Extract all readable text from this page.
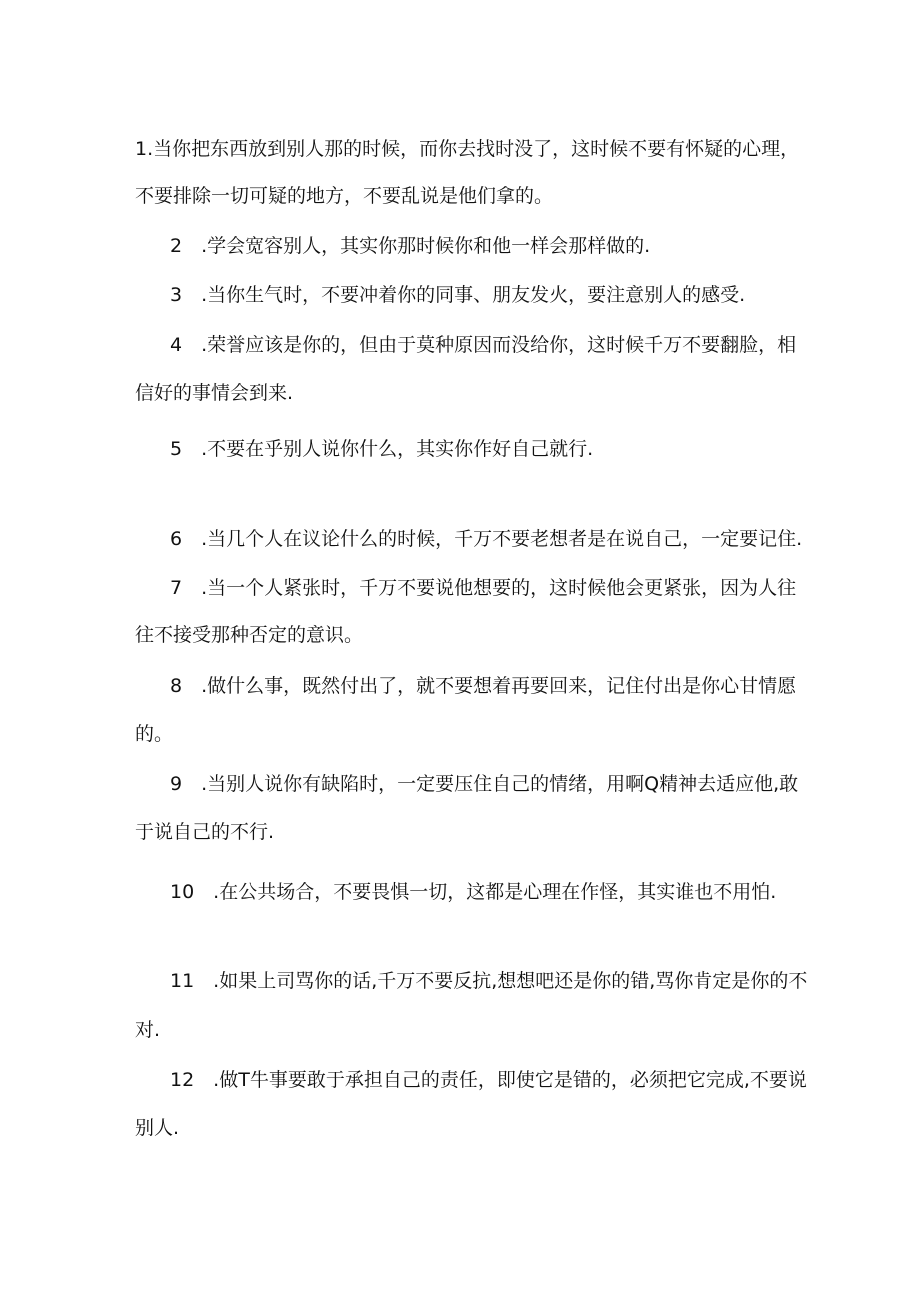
1.当你把东西放到别人那的时候，而你去找时没了，这时候不要有怀疑的心理，
不要排除一切可疑的地方，不要乱说是他们拿的。
2　.学会宽容别人，其实你那时候你和他一样会那样做的.
3　.当你生气时，不要冲着你的同事、朋友发火，要注意别人的感受.
4　.荣誉应该是你的，但由于莫种原因而没给你，这时候千万不要翻脸，相
信好的事情会到来.
5　.不要在乎别人说你什么，其实你作好自己就行.
6　.当几个人在议论什么的时候，千万不要老想者是在说自己，一定要记住.
7　.当一个人紧张时，千万不要说他想要的，这时候他会更紧张，因为人往
往不接受那种否定的意识。
8　.做什么事，既然付出了，就不要想着再要回来，记住付出是你心甘情愿
的。
9　.当别人说你有缺陷时，一定要压住自己的情绪，用啊Q精神去适应他,敢
于说自己的不行.
10　.在公共场合，不要畏惧一切，这都是心理在作怪，其实谁也不用怕.
11　.如果上司骂你的话,千万不要反抗,想想吧还是你的错,骂你肯定是你的不
对.
12　.做T牛事要敢于承担自己的责任，即使它是错的，必须把它完成,不要说
别人.
